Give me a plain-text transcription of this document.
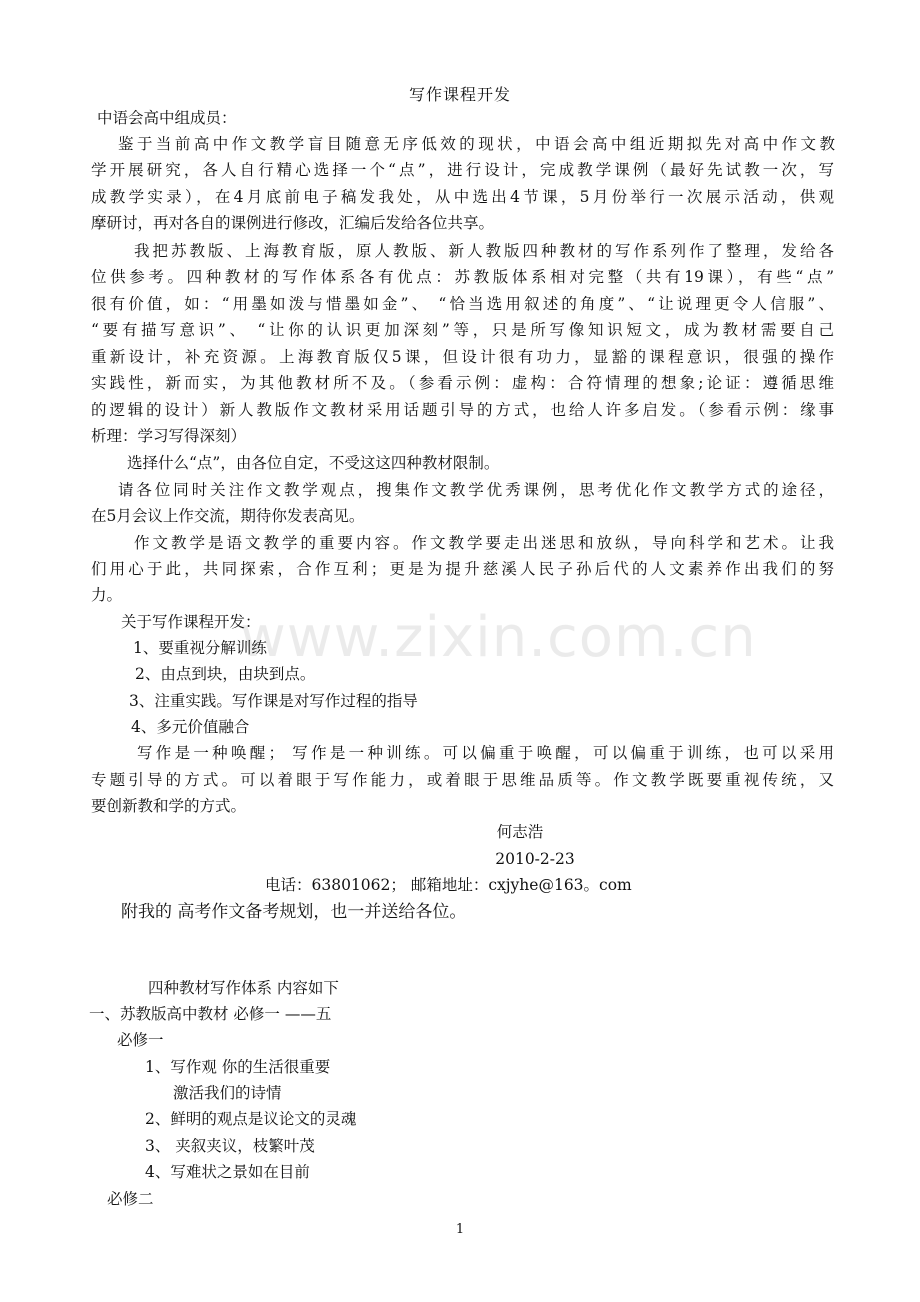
写作课程开发
中语会高中组成员：
鉴于当前高中作文教学盲目随意无序低效的现状，中语会高中组近期拟先对高中作文教
学开展研究，各人自行精心选择一个“点”，进行设计，完成教学课例（最好先试教一次，写
成教学实录），在4月底前电子稿发我处，从中选出4节课，5月份举行一次展示活动，供观
摩研讨，再对各自的课例进行修改，汇编后发给各位共享。
我把苏教版、上海教育版，原人教版、新人教版四种教材的写作系列作了整理，发给各
位供参考。四种教材的写作体系各有优点：苏教版体系相对完整（共有19课），有些“点”
很有价值，如：“用墨如泼与惜墨如金”、 “恰当选用叙述的角度”、“让说理更令人信服”、
“要有描写意识”、 “让你的认识更加深刻”等，只是所写像知识短文，成为教材需要自己
重新设计，补充资源。上海教育版仅5课，但设计很有功力，显豁的课程意识，很强的操作
实践性，新而实，为其他教材所不及。（参看示例：虚构：合符情理的想象;论证：遵循思维
的逻辑的设计）新人教版作文教材采用话题引导的方式，也给人许多启发。（参看示例：缘事
析理：学习写得深刻）
选择什么“点”，由各位自定，不受这这四种教材限制。
请各位同时关注作文教学观点，搜集作文教学优秀课例，思考优化作文教学方式的途径，
在5月会议上作交流，期待你发表高见。
作文教学是语文教学的重要内容。作文教学要走出迷思和放纵，导向科学和艺术。让我
们用心于此，共同探索，合作互利；更是为提升慈溪人民子孙后代的人文素养作出我们的努
力。
关于写作课程开发：
1、要重视分解训练
2、由点到块，由块到点。
3、注重实践。写作课是对写作过程的指导
4、多元价值融合
写作是一种唤醒； 写作是一种训练。可以偏重于唤醒，可以偏重于训练，也可以采用
专题引导的方式。可以着眼于写作能力，或着眼于思维品质等。作文教学既要重视传统，又
要创新教和学的方式。
何志浩
2010-2-23
电话：63801062； 邮箱地址：cxjyhe@163。com
附我的 高考作文备考规划，也一并送给各位。
四种教材写作体系 内容如下
一、苏教版高中教材 必修一 ——五
必修一
1、写作观 你的生活很重要
激活我们的诗情
2、鲜明的观点是议论文的灵魂
3、 夹叙夹议，枝繁叶茂
4、写难状之景如在目前
必修二
www.zixin.com.cn
1
